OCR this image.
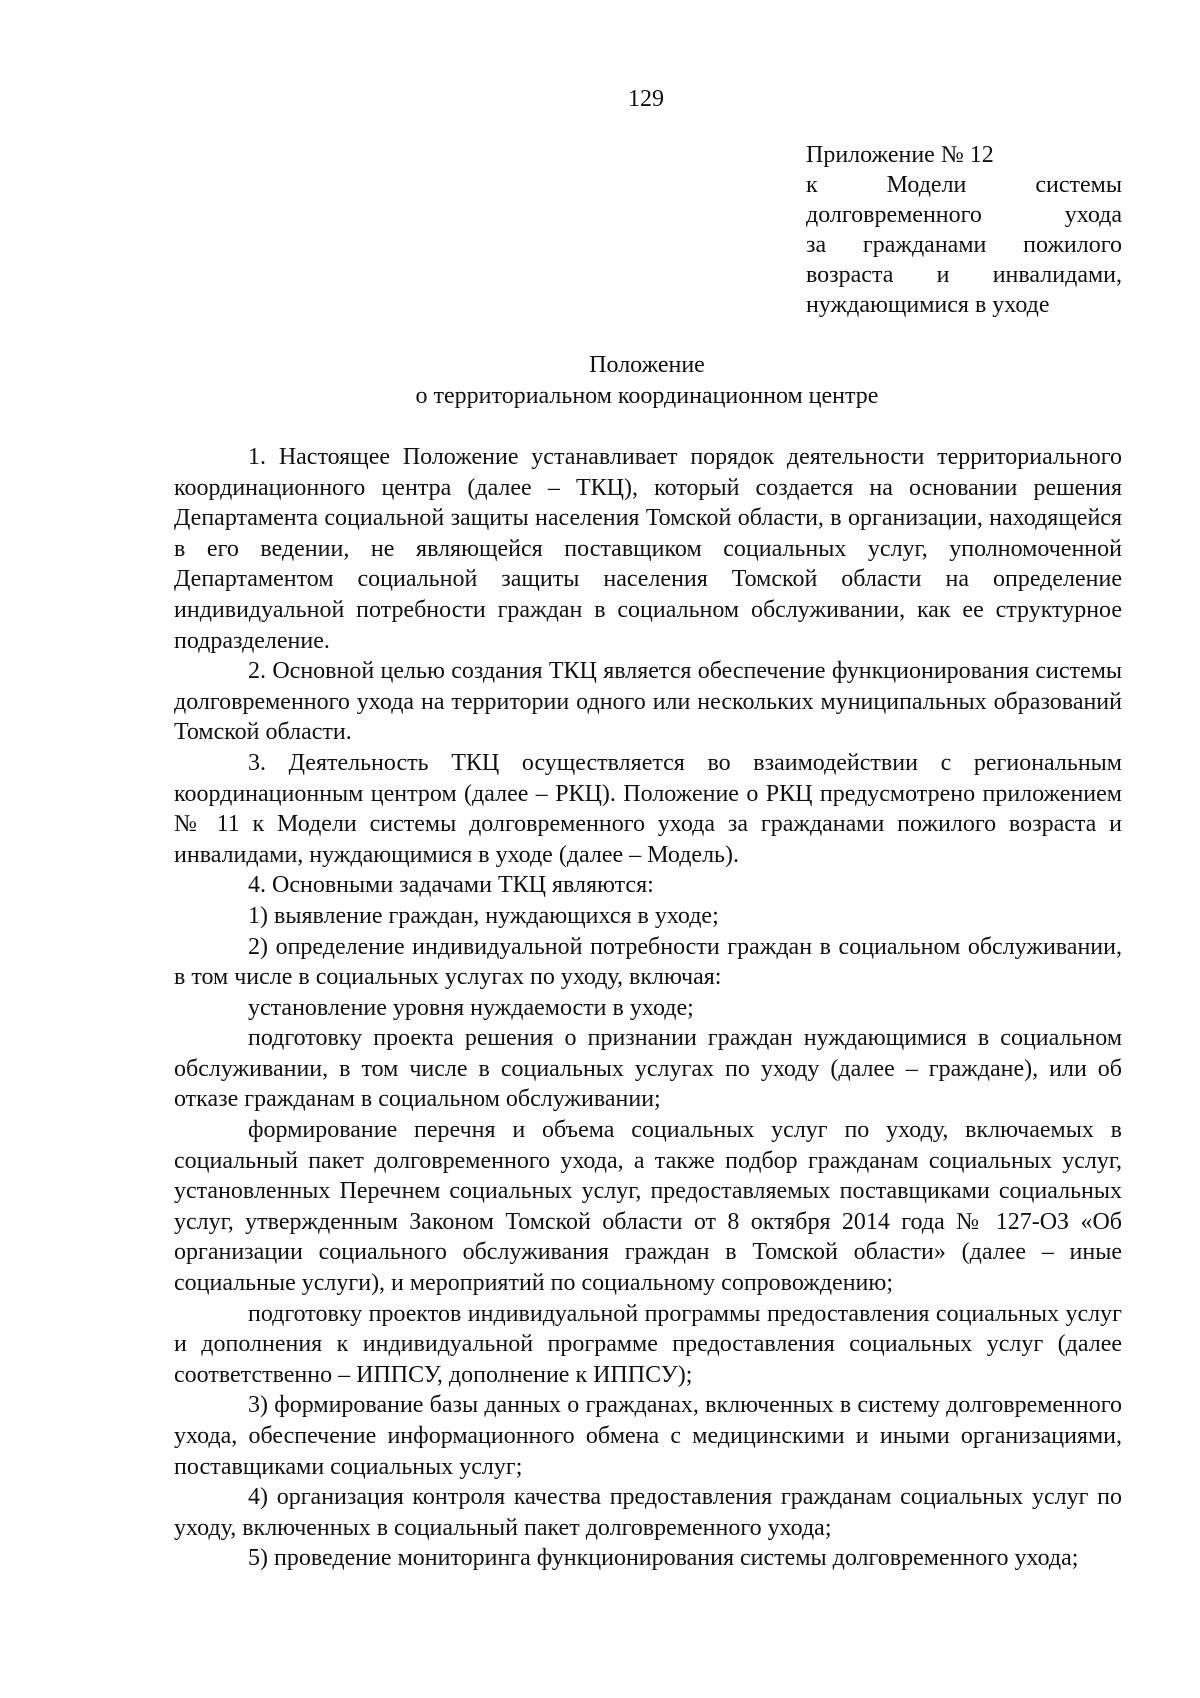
129
Приложение № 12
к Модели системы
долговременного ухода
за гражданами пожилого
возраста и инвалидами,
нуждающимися в уходе
Положение
о территориальном координационном центре

1. Настоящее Положение устанавливает порядок деятельности территориального координационного центра (далее – ТКЦ), который создается на основании решения Департамента социальной защиты населения Томской области, в организации, находящейся в его ведении, не являющейся поставщиком социальных услуг, уполномоченной Департаментом социальной защиты населения Томской области на определение индивидуальной потребности граждан в социальном обслуживании, как ее структурное подразделение.

2. Основной целью создания ТКЦ является обеспечение функционирования системы долговременного ухода на территории одного или нескольких муниципальных образований Томской области.

3. Деятельность ТКЦ осуществляется во взаимодействии с региональным координационным центром (далее – РКЦ). Положение о РКЦ предусмотрено приложением № 11 к Модели системы долговременного ухода за гражданами пожилого возраста и инвалидами, нуждающимися в уходе (далее – Модель).

4. Основными задачами ТКЦ являются:

1) выявление граждан, нуждающихся в уходе;

2) определение индивидуальной потребности граждан в социальном обслуживании, в том числе в социальных услугах по уходу, включая:

установление уровня нуждаемости в уходе;

подготовку проекта решения о признании граждан нуждающимися в социальном обслуживании, в том числе в социальных услугах по уходу (далее – граждане), или об отказе гражданам в социальном обслуживании;

формирование перечня и объема социальных услуг по уходу, включаемых в социальный пакет долговременного ухода, а также подбор гражданам социальных услуг, установленных Перечнем социальных услуг, предоставляемых поставщиками социальных услуг, утвержденным Законом Томской области от 8 октября 2014 года № 127-ОЗ «Об организации социального обслуживания граждан в Томской области» (далее – иные социальные услуги), и мероприятий по социальному сопровождению;

подготовку проектов индивидуальной программы предоставления социальных услуг и дополнения к индивидуальной программе предоставления социальных услуг (далее соответственно – ИППСУ, дополнение к ИППСУ);

3) формирование базы данных о гражданах, включенных в систему долговременного ухода, обеспечение информационного обмена с медицинскими и иными организациями, поставщиками социальных услуг;

4) организация контроля качества предоставления гражданам социальных услуг по уходу, включенных в социальный пакет долговременного ухода;

5) проведение мониторинга функционирования системы долговременного ухода;
